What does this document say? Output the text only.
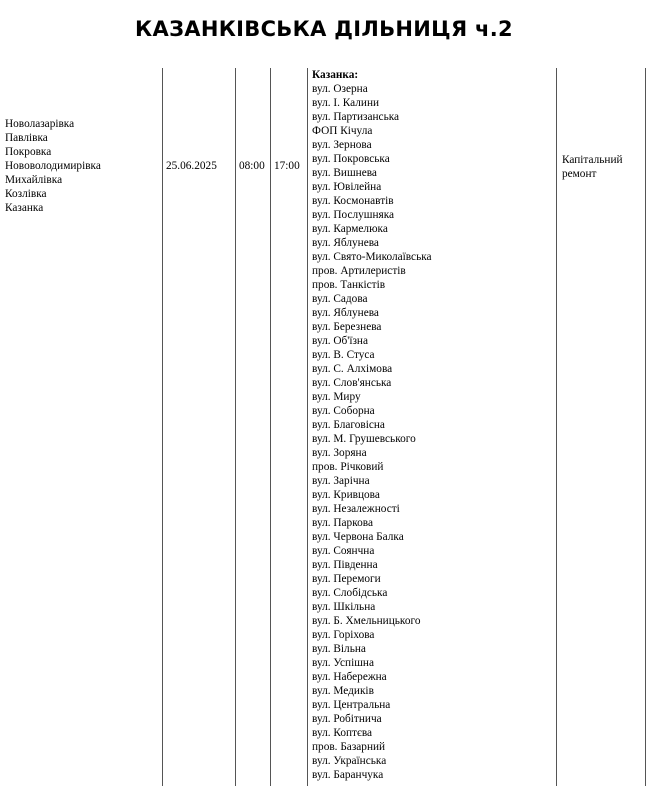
КАЗАНКІВСЬКА ДІЛЬНИЦЯ ч.2
Новолазарівка
Павлівка
Покровка
Нововолодимирівка
Михайлівка
Козлівка
Казанка
25.06.2025 08:00 17:00
Казанка:
вул. Озерна
вул. І. Калини
вул. Партизанська
ФОП Кічула
вул. Зернова
вул. Покровська
вул. Вишнева
вул. Ювілейна
вул. Космонавтів
вул. Послушняка
вул. Кармелюка
вул. Яблунева
вул. Свято-Миколаївська
пров. Артилеристів
пров. Танкістів
вул. Садова
вул. Яблунева
вул. Березнева
вул. Об'їзна
вул. В. Стуса
вул. С. Алхімова
вул. Слов'янська
вул. Миру
вул. Соборна
вул. Благовісна
вул. М. Грушевського
вул. Зоряна
пров. Річковий
вул. Зарічна
вул. Кривцова
вул. Незалежності
вул. Паркова
вул. Червона Балка
вул. Соянчна
вул. Південна
вул. Перемоги
вул. Слобідська
вул. Шкільна
вул. Б. Хмельницького
вул. Горіхова
вул. Вільна
вул. Успішна
вул. Набережна
вул. Медиків
вул. Центральна
вул. Робітнича
вул. Коптєва
пров. Базарний
вул. Українська
вул. Баранчука
Капітальний
ремонт
